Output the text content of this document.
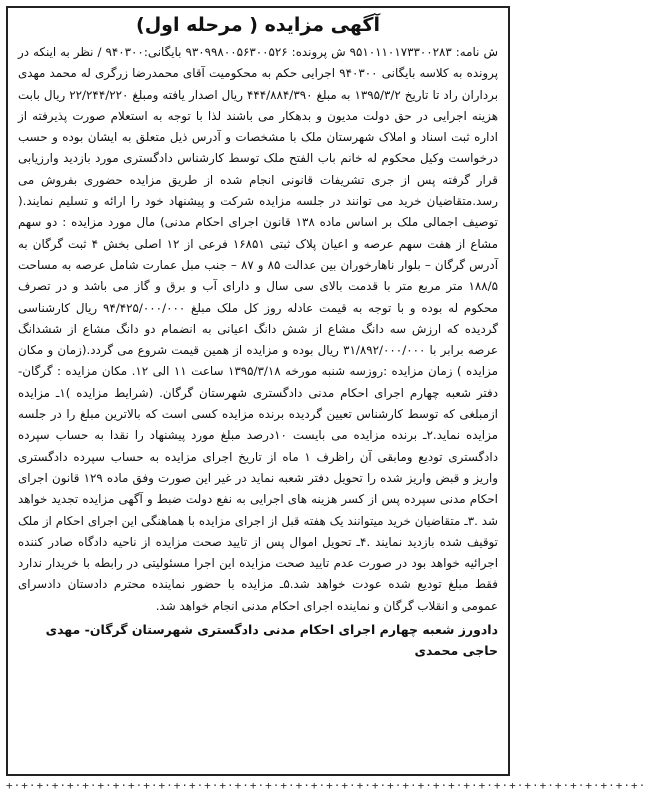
آگهی مزایده ( مرحله اول)

ش نامه: ۹۵۱۰۱۱۰۱۷۳۳۰۰۲۸۳ ش پرونده: ۹۳۰۹۹۸۰۰۵۶۳۰۰۵۲۶ بایگانی:۹۴۰۳۰۰ / نظر به اینکه در پرونده به کلاسه بایگانی ۹۴۰۳۰۰ اجرایی حکم به محکومیت آقای محمدرضا زرگری له محمد مهدی برداران راد تا تاریخ ۱۳۹۵/۳/۲ به مبلغ ۴۴۴/۸۸۴/۳۹۰ ریال اصدار یافته ومبلغ ۲۲/۲۴۴/۲۲۰ ریال بابت هزینه اجرایی در حق دولت مدیون و بدهکار می باشند لذا با توجه به استعلام صورت پذیرفته از اداره ثبت اسناد و املاک شهرستان ملک با مشخصات و آدرس ذیل متعلق به ایشان بوده و حسب درخواست وکیل محکوم له خانم باب الفتح ملک توسط کارشناس دادگستری مورد بازدید وارزیابی قرار گرفته پس از جری تشریفات قانونی انجام شده از طریق مزایده حضوری بفروش می رسد.متقاضیان خرید می توانند در جلسه مزایده شرکت و پیشنهاد خود را ارائه و تسلیم نمایند.( توصیف اجمالی ملک بر اساس ماده ۱۳۸ قانون اجرای احکام مدنی) مال مورد مزایده : دو سهم مشاع از هفت سهم عرصه و اعیان پلاک ثبتی ۱۶۸۵۱ فرعی از ۱۲ اصلی بخش ۴ ثبت گرگان به آدرس گرگان – بلوار ناهارخوران بین عدالت ۸۵ و ۸۷ – جنب مبل عمارت شامل عرصه به مساحت ۱۸۸/۵ متر مربع متر با قدمت بالای سی سال و دارای آب و برق و گاز می باشد و در تصرف محکوم له بوده و با توجه به قیمت عادله روز کل ملک مبلغ ۹۴/۴۲۵/۰۰۰/۰۰۰ ریال کارشناسی گردیده که ارزش سه دانگ مشاع از شش دانگ اعیانی به انضمام دو دانگ مشاع از ششدانگ عرصه برابر با ۳۱/۸۹۲/۰۰۰/۰۰۰ ریال بوده و مزایده از همین قیمت شروع می گردد.(زمان و مکان مزایده ) زمان مزایده :روزسه شنبه مورخه ۱۳۹۵/۳/۱۸ ساعت ۱۱ الی ۱۲. مکان مزایده : گرگان-دفتر شعبه چهارم اجرای احکام مدنی دادگستری شهرستان گرگان. (شرایط مزایده )۱ـ مزایده ازمبلغی که توسط کارشناس تعیین گردیده برنده مزایده کسی است که بالاترین مبلغ را در جلسه مزایده نماید.۲ـ برنده مزایده می بایست ۱۰درصد مبلغ مورد پیشنهاد را نقدا به حساب سپرده دادگستری تودیع ومابقی آن راظرف ۱ ماه از تاریخ اجرای مزایده به حساب سپرده دادگستری واریز و قبض واریز شده را تحویل دفتر شعبه نماید در غیر این صورت وفق ماده ۱۲۹ قانون اجرای احکام مدنی سپرده پس از کسر هزینه های اجرایی به نفع دولت ضبط و آگهی مزایده تجدید خواهد شد .۳ـ متقاضیان خرید میتوانند یک هفته قبل از اجرای مزایده با هماهنگی این اجرای احکام از ملک توقیف شده بازدید نمایند .۴ـ تحویل اموال پس از تایید صحت مزایده از ناحیه دادگاه صادر کننده اجرائیه خواهد بود در صورت عدم تایید صحت مزایده این اجرا مسئولیتی در رابطه با خریدار ندارد فقط مبلغ تودیع شده عودت خواهد شد.۵ـ مزایده با حضور نماینده محترم دادستان دادسرای عمومی و انقلاب گرگان و نماینده اجرای احکام مدنی انجام خواهد شد.

دادورز شعبه چهارم اجرای احکام مدنی دادگستری شهرستان گرگان- مهدی حاجی محمدی
+·+·+·+·+·+·+·+·+·+·+·+·+·+·+·+·+·+·+·+·+·+·+·+·+·+·+·+·+·+·+·+·+·+·+·+·+·+·+·+·+·+·
